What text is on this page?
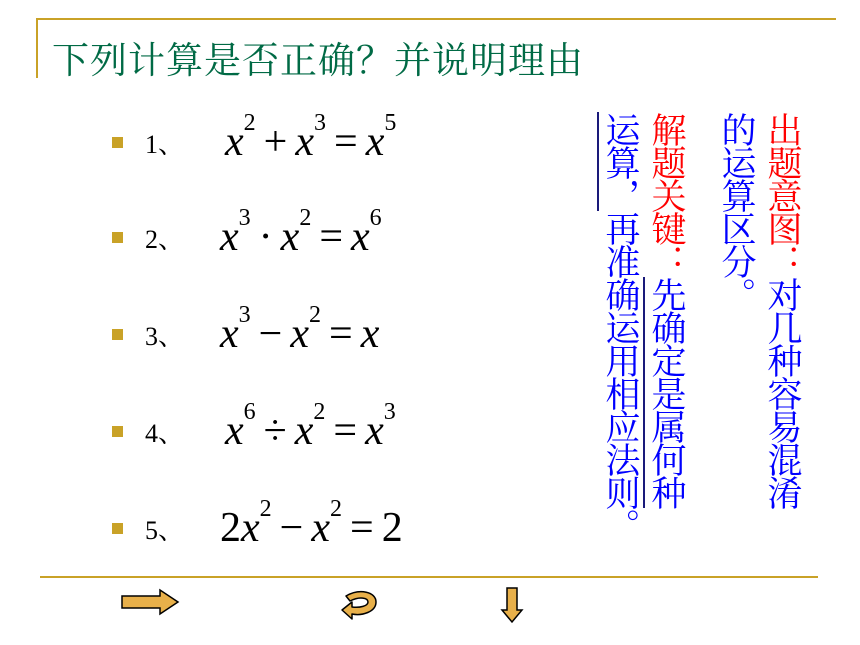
下列计算是否正确？并说明理由
1、 $x^2 + x^3 = x^5$
2、 $x^3 \cdot x^2 = x^6$
3、 $x^3 - x^2 = x$
4、 $x^6 \div x^2 = x^3$
5、 $2x^2 - x^2 = 2$
出题意图：对几种容易混淆
的运算区分。
解题关键：先确定是属何种
运算，再准确运用相应法则。
